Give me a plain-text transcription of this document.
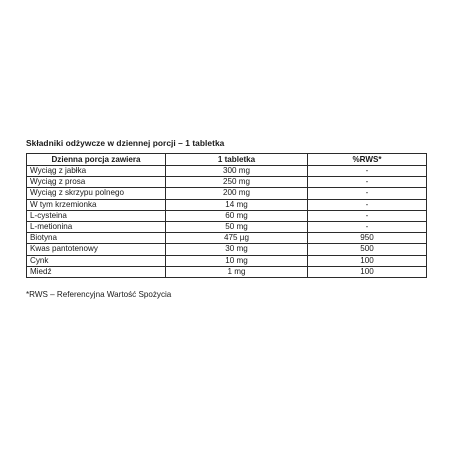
Składniki odżywcze w dziennej porcji – 1 tabletka
Dzienna porcja zawiera	1 tabletka	%RWS*
Wyciąg z jabłka	300 mg	-
Wyciąg z prosa	250 mg	-
Wyciąg z skrzypu polnego	200 mg	-
W tym krzemionka	14 mg	-
L-cysteina	60 mg	-
L-metionina	50 mg	-
Biotyna	475 µg	950
Kwas pantotenowy	30 mg	500
Cynk	10 mg	100
Miedź	1 mg	100
*RWS – Referencyjna Wartość Spożycia
